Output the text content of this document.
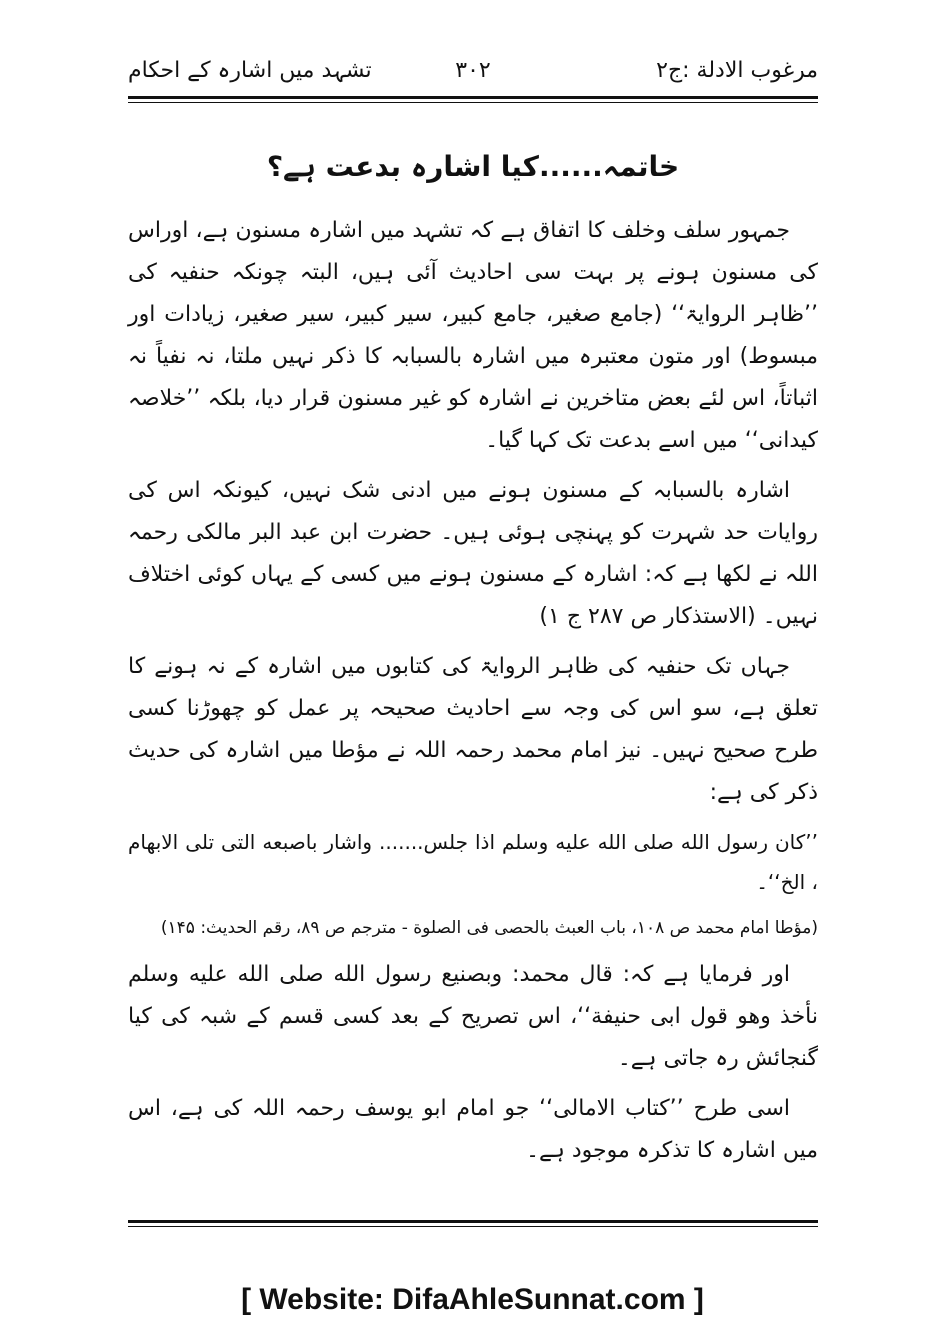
مرغوب الادلة :ج۲
۳۰۲
تشہد میں اشارہ کے احکام
خاتمہ......کیا اشارہ بدعت ہے؟

جمہور سلف وخلف کا اتفاق ہے کہ تشہد میں اشارہ مسنون ہے، اوراس کی مسنون ہونے پر بہت سی احادیث آئی ہیں، البتہ چونکہ حنفیہ کی ’’ظاہر الروایۃ‘‘ (جامع صغیر، جامع کبیر، سیر کبیر، سیر صغیر، زیادات اور مبسوط) اور متون معتبرہ میں اشارہ بالسبابہ کا ذکر نہیں ملتا، نہ نفیاً نہ اثباتاً، اس لئے بعض متاخرین نے اشارہ کو غیر مسنون قرار دیا، بلکہ ’’خلاصہ کیدانی‘‘ میں اسے بدعت تک کہا گیا۔

اشارہ بالسبابہ کے مسنون ہونے میں ادنی شک نہیں، کیونکہ اس کی روایات حد شہرت کو پہنچی ہوئی ہیں۔ حضرت ابن عبد البر مالکی رحمہ اللہ نے لکھا ہے کہ: اشارہ کے مسنون ہونے میں کسی کے یہاں کوئی اختلاف نہیں۔ (الاستذکار ص ۲۸۷ ج ۱)

جہاں تک حنفیہ کی ظاہر الروایۃ کی کتابوں میں اشارہ کے نہ ہونے کا تعلق ہے، سو اس کی وجہ سے احادیث صحیحہ پر عمل کو چھوڑنا کسی طرح صحیح نہیں۔ نیز امام محمد رحمہ اللہ نے مؤطا میں اشارہ کی حدیث ذکر کی ہے:

’’کان رسول الله صلى الله عليه وسلم اذا جلس....... واشار باصبعه التى تلى الابهام ، الخ‘‘۔

(مؤطا امام محمد ص ۱۰۸، باب العبث بالحصى فى الصلوة - مترجم ص ۸۹، رقم الحديث: ۱۴۵)

اور فرمایا ہے کہ: قال محمد: وبصنيع رسول الله صلى الله عليه وسلم نأخذ وهو قول ابى حنيفة‘‘، اس تصریح کے بعد کسی قسم کے شبہ کی کیا گنجائش رہ جاتی ہے۔

اسی طرح ’’کتاب الامالی‘‘ جو امام ابو یوسف رحمہ اللہ کی ہے، اس میں اشارہ کا تذکرہ موجود ہے۔

[ Website: DifaAhleSunnat.com ]
